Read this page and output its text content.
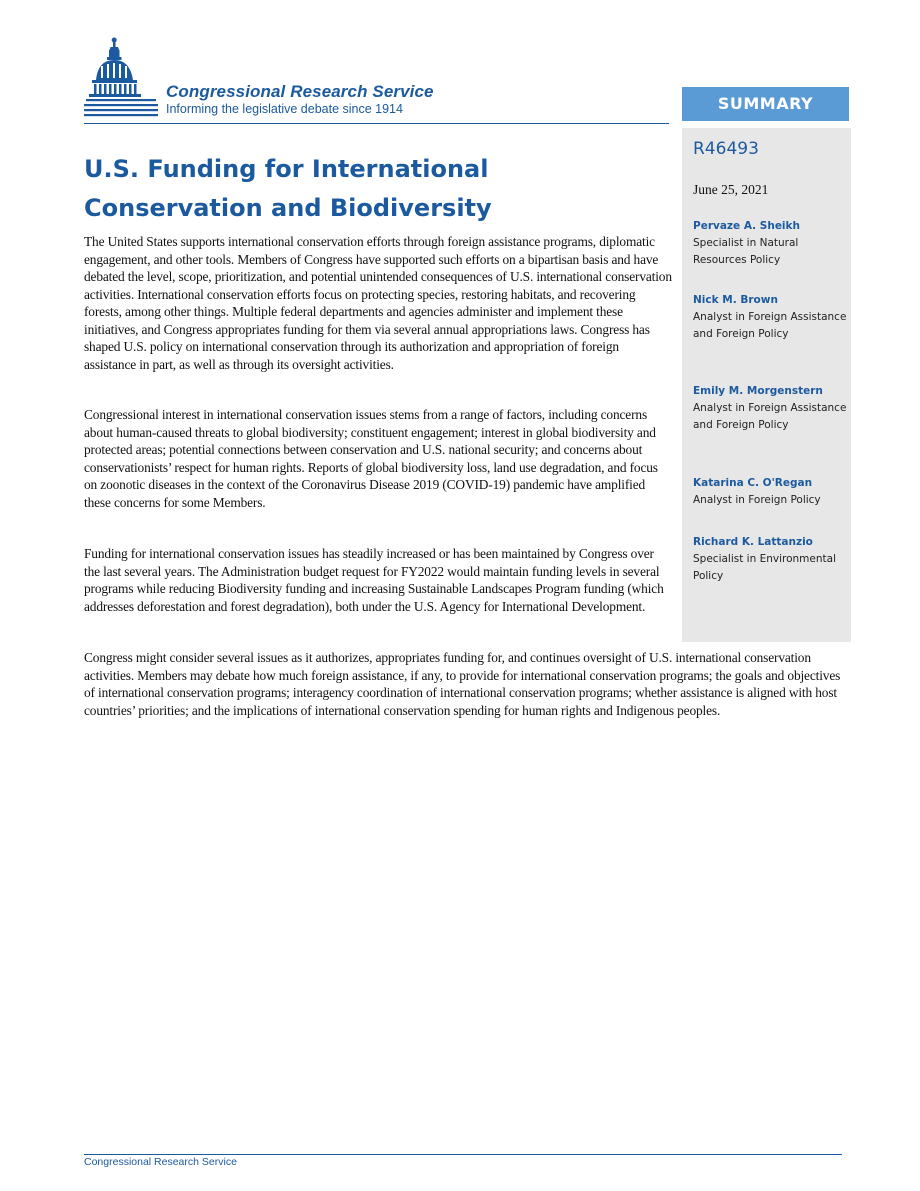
Congressional Research Service
Informing the legislative debate since 1914
U.S. Funding for International Conservation and Biodiversity

The United States supports international conservation efforts through foreign assistance programs, diplomatic engagement, and other tools. Members of Congress have supported such efforts on a bipartisan basis and have debated the level, scope, prioritization, and potential unintended consequences of U.S. international conservation activities. International conservation efforts focus on protecting species, restoring habitats, and recovering forests, among other things. Multiple federal departments and agencies administer and implement these initiatives, and Congress appropriates funding for them via several annual appropriations laws. Congress has shaped U.S. policy on international conservation through its authorization and appropriation of foreign assistance in part, as well as through its oversight activities.

Congressional interest in international conservation issues stems from a range of factors, including concerns about human-caused threats to global biodiversity; constituent engagement; interest in global biodiversity and protected areas; potential connections between conservation and U.S. national security; and concerns about conservationists’ respect for human rights. Reports of global biodiversity loss, land use degradation, and focus on zoonotic diseases in the context of the Coronavirus Disease 2019 (COVID-19) pandemic have amplified these concerns for some Members.

Funding for international conservation issues has steadily increased or has been maintained by Congress over the last several years. The Administration budget request for FY2022 would maintain funding levels in several programs while reducing Biodiversity funding and increasing Sustainable Landscapes Program funding (which addresses deforestation and forest degradation), both under the U.S. Agency for International Development.

Congress might consider several issues as it authorizes, appropriates funding for, and continues oversight of U.S. international conservation activities. Members may debate how much foreign assistance, if any, to provide for international conservation programs; the goals and objectives of international conservation programs; interagency coordination of international conservation programs; whether assistance is aligned with host countries’ priorities; and the implications of international conservation spending for human rights and Indigenous peoples.

SUMMARY
R46493
June 25, 2021
Pervaze A. Sheikh
Specialist in Natural Resources Policy
Nick M. Brown
Analyst in Foreign Assistance and Foreign Policy
Emily M. Morgenstern
Analyst in Foreign Assistance and Foreign Policy
Katarina C. O'Regan
Analyst in Foreign Policy
Richard K. Lattanzio
Specialist in Environmental Policy
Congressional Research Service
